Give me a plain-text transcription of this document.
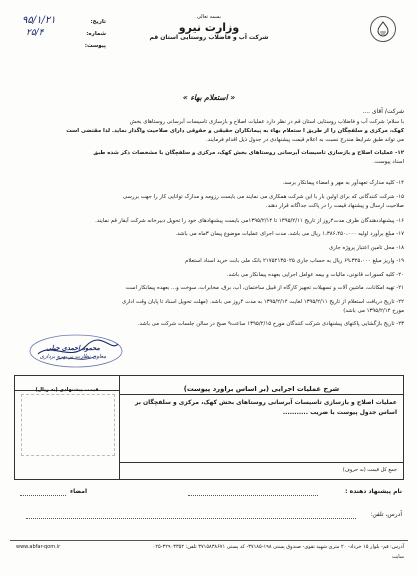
تاریخ:
۹۵/۱/۲۱
شماره:
۲۵/۴
پیوست:
بسمه تعالی
وزارت نیرو
شرکت آب و فاضلاب روستایی استان قم
« استعلام بهاء »
شرکت/ آقای ....
با سلام؛ شرکت آب و فاضلاب روستایی استان قم در نظر دارد عملیات اصلاح و بازسازی تاسیسات آبرسانی روستاهای بخش
کهک، مرکزی و سلفچگان را از طریق ا ستعلام بهاء به پیمانکاران حقیقی و حقوقی دارای صلاحیت واگذار نماید. لذا مقتضی است
می تواند طبق شرایط مندرج نسبت به اعلام قیمت پیشنهادی در جدول ذیل اقدام فرمایند.
۱۲- عملیات اصلاح و بازسازی تاسیسات آبرسانی روستاهای بخش کهک، مرکزی و سلفچگان با مشخصات ذکر شده طبق
اسناد پیوست.
۱۴- کلیه مدارک تعهدآور به مهر و امضاء پیمانکار برسد.
۱۵- شرکت کنندگانی که برای اولین بار با این شرکت همکاری می نمایند می بایست رزومه و مدارک توانایی کار را جهت بررسی
صلاحیت ارسال و پیشنهاد قیمت را در پاکت جداگانه قرار دهند.
۱۶- پیشنهاددهندگان ظرف مدت۴روز از تاریخ ۱۳۹۵/۲/۱۱ تا ۱۳۹۵/۲/۱۴می بایست پیشنهادهای خود را تحویل دبیرخانه شرکت آبفار قم نمایند.
۱۷- مبلغ برآورد اولیه ۱،۳۸۶،۴۵۰،۰۰۰ ریال می باشد. مدت اجرای عملیات موضوع پیمان ۳ماه می باشد.
۱۸- محل تامین اعتبار پروژه جاری
۱۹- واریز مبلغ ۶۹،۳۲۵،۰۰۰ ریال به حساب جاری ۲۱۷۵۲۱۳۵۰۲۵ بانک ملی بابت خرید اسناد استعلام
۲۰- کلیه کسورات قانونی، مالیات و بیمه عوامل اجرایی بعهده پیمانکار می باشد.
۲۱- تهیه امکانات، ماشین آلات و تسهیلات تجهیز کارگاه از قبیل ساختمان، آب، برق، مخابرات، سوخت و... بعهده پیمانکار است
۲۲- تاریخ دریافت استعلام از تاریخ ۱۳۹۵/۲/۱۱ لغایت ۱۳۹۵/۲/۱۴ به مدت ۴روز می باشد. (مهلت تحویل اسناد تا پایان وقت اداری
مورخ ۱۳۹۵/۲/۱۴ می باشد)
۲۳- تاریخ بازگشایی پاکتهای پیشنهادی شرکت کنندگان مورخ ۱۳۹۵/۲/۱۵ ساعت۹ صبح در سالن جلسات شرکت می باشد.
محمود احمدی جیلی
معاون نظارت بر بهره برداری
قیمت پیشنهادی (به ریال)	شرح عملیات اجرایی (بر اساس براورد پیوست)
عملیات اصلاح و بازسازی تاسیسات آبرسانی روستاهای بخش کهک، مرکزی و سلفچگان بر اساس جدول پیوست با ضریب ...........
جمع کل قیمت (به حروف)
نام پیشنهاد دهنده :
امضاء
آدرس، تلفن:
آدرس: قم- بلوار ۱۵ خرداد- ۲۰ متری شهید تقوی- صندوق پستی ۱۹۸-۳۷۱۸۵- کد پستی ۳۷۱۵۸۳۸۶۷۱ تلفن: ۳۲۹۰۳۳۵۲-۰۲۵
سایت
www.abfar-qom.ir
